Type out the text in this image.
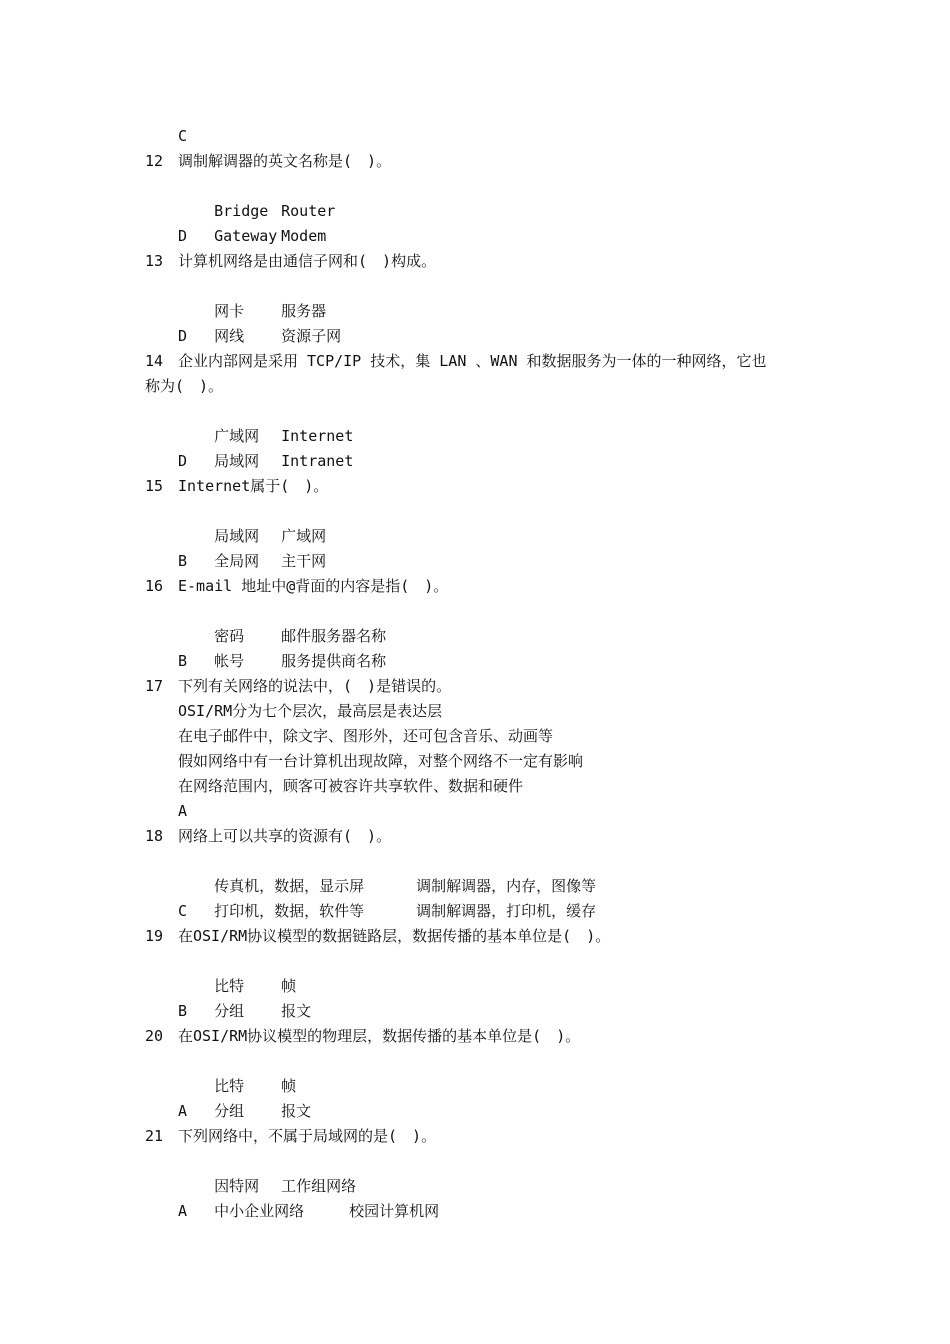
C

12

调制解调器的英文名称是(　)。

Bridge Router

Gateway Modem

D

13

计算机网络是由通信子网和(　)构成。

网卡 服务器

网线 资源子网

D

14

企业内部网是采用 TCP/IP 技术，集 LAN 、WAN 和数据服务为一体的一种网络，它也

称为(　)。

广域网 Internet

局域网 Intranet

D

15

Internet属于(　)。

局域网 广域网

全局网 主干网

B

16

E-mail 地址中@背面的内容是指(　)。

密码 邮件服务器名称

帐号 服务提供商名称

B

17

下列有关网络的说法中，(　)是错误的。

OSI/RM分为七个层次，最高层是表达层
在电子邮件中，除文字、图形外，还可包含音乐、动画等
假如网络中有一台计算机出现故障，对整个网络不一定有影响
在网络范围内，顾客可被容许共享软件、数据和硬件
A

18

网络上可以共享的资源有(　)。

传真机，数据，显示屏	调制解调器，内存，图像等

打印机，数据，软件等	调制解调器，打印机，缓存

C

19

在OSI/RM协议模型的数据链路层，数据传播的基本单位是(　)。

比特 帧

分组 报文

B

20

在OSI/RM协议模型的物理层，数据传播的基本单位是(　)。

比特 帧

分组 报文

A

21

下列网络中，不属于局域网的是(　)。

因特网 工作组网络

中小企业网络	校园计算机网

A
